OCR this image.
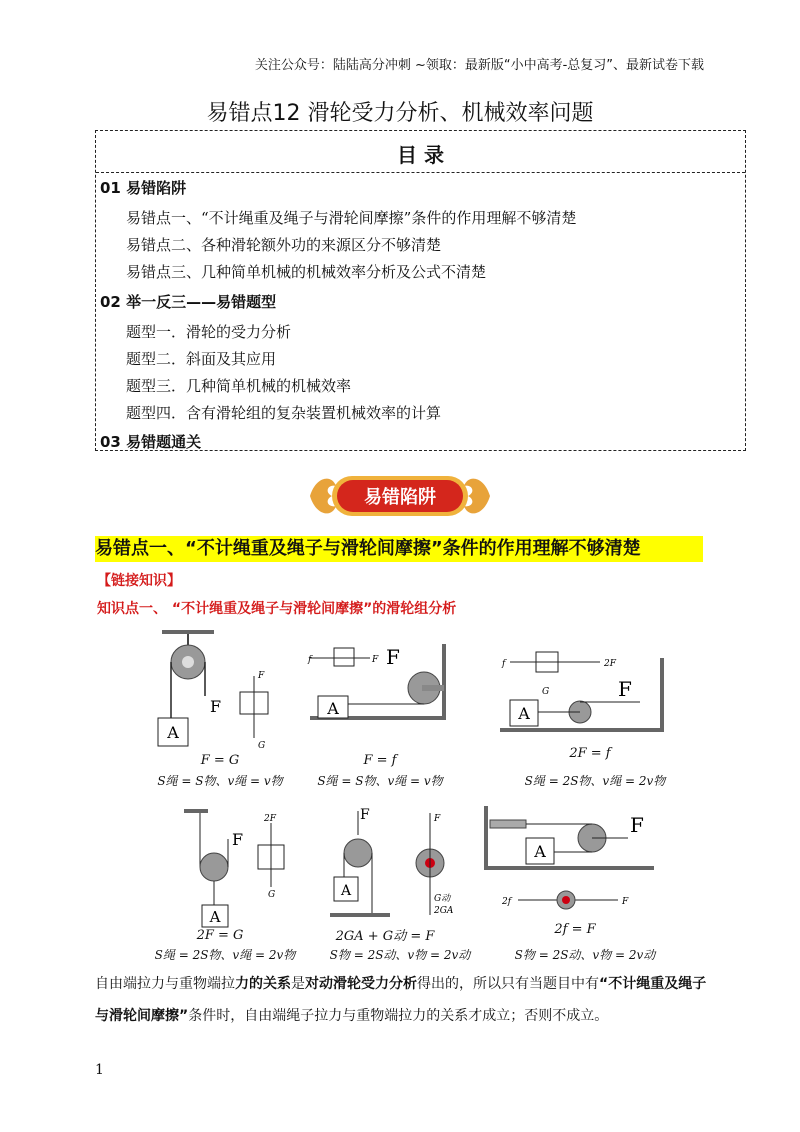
关注公众号：陆陆高分冲刺 ~领取：最新版“小中高考-总复习”、最新试卷下载
易错点12 滑轮受力分析、机械效率问题
目 录
01 易错陷阱
易错点一、“不计绳重及绳子与滑轮间摩擦”条件的作用理解不够清楚
易错点二、各种滑轮额外功的来源区分不够清楚
易错点三、几种简单机械的机械效率分析及公式不清楚
02 举一反三——易错题型
题型一．滑轮的受力分析
题型二．斜面及其应用
题型三．几种简单机械的机械效率
题型四．含有滑轮组的复杂装置机械效率的计算
03 易错题通关
易错陷阱
易错点一、“不计绳重及绳子与滑轮间摩擦”条件的作用理解不够清楚
【链接知识】
知识点一、 “不计绳重及绳子与滑轮间摩擦”的滑轮组分析
A
F
F
G
F = G
S绳 = S物、v绳 = v物
f	F F
A
F = f
S绳 = S物、v绳 = v物
f	2F
G	F
A
2F = f
S绳 = 2S物、v绳 = 2v物
A
F
2F
G
2F = G
S绳 = 2S物、v绳 = 2v物
F
A
F
G动
2GA
2GA + G动 = F
S物 = 2S动、v物 = 2v动
A
F
2f	F
2f = F
S物 = 2S动、v物 = 2v动
自由端拉力与重物端拉力的关系是对动滑轮受力分析得出的，所以只有当题目中有“不计绳重及绳子与滑轮间摩擦”条件时，自由端绳子拉力与重物端拉力的关系才成立；否则不成立。
1
